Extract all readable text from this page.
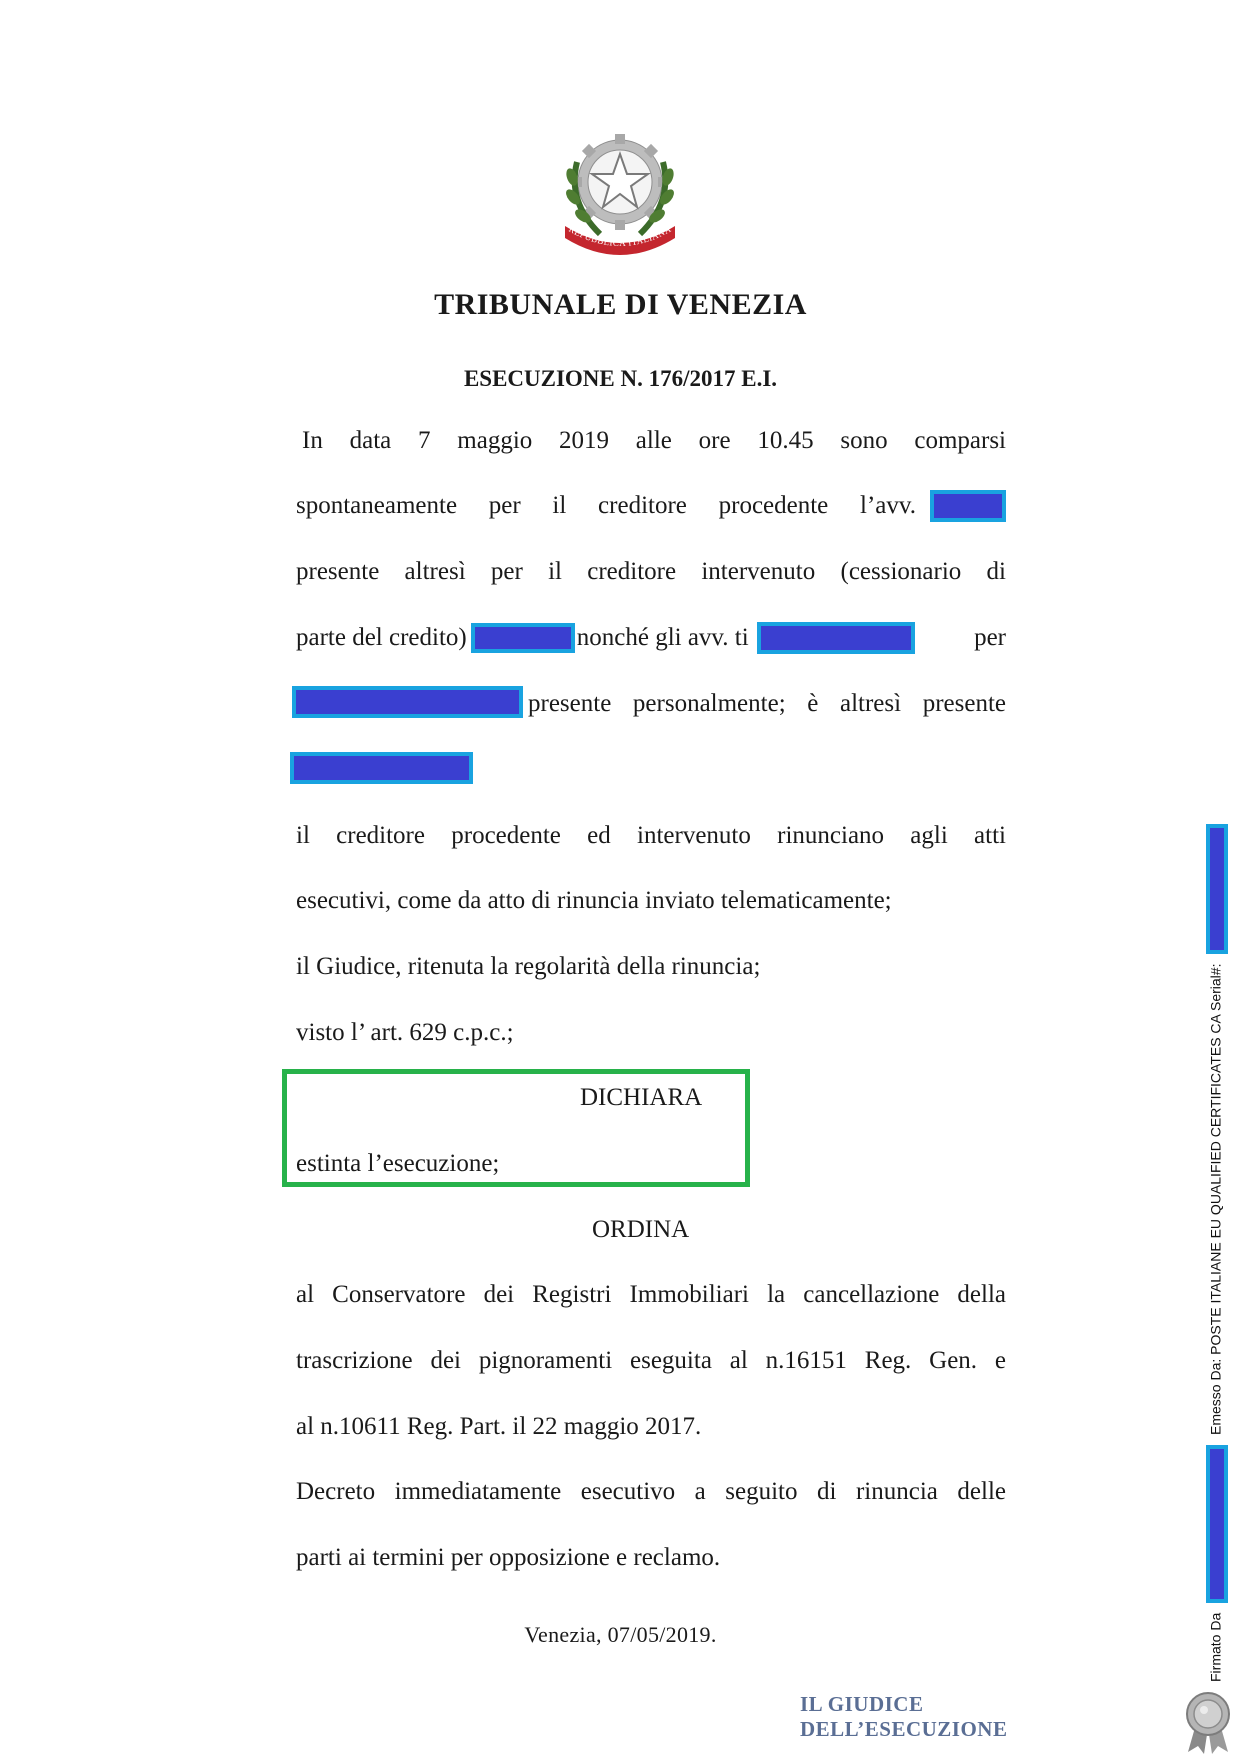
REPUBBLICA ITALIANA
TRIBUNALE DI VENEZIA
ESECUZIONE N. 176/2017 E.I.
In data 7 maggio 2019 alle ore 10.45 sono comparsi
spontaneamente per il creditore procedente l’avv.
presente altresì per il creditore intervenuto (cessionario di
parte del credito)	nonché gli avv. ti	per
presente personalmente; è altresì presente
il creditore procedente ed intervenuto rinunciano agli atti
esecutivi, come da atto di rinuncia inviato telematicamente;
il Giudice, ritenuta la regolarità della rinuncia;
visto l’ art. 629 c.p.c.;
DICHIARA
estinta l’esecuzione;
ORDINA
al Conservatore dei Registri Immobiliari la cancellazione della
trascrizione dei pignoramenti eseguita al n.16151 Reg. Gen. e
al n.10611 Reg. Part. il 22 maggio 2017.
Decreto immediatamente esecutivo a seguito di rinuncia delle
parti ai termini per opposizione e reclamo.
Venezia, 07/05/2019.
IL GIUDICE DELL’ESECUZIONE
Firmato Da  Emesso Da: POSTE ITALIANE EU QUALIFIED CERTIFICATES CA Serial#:
